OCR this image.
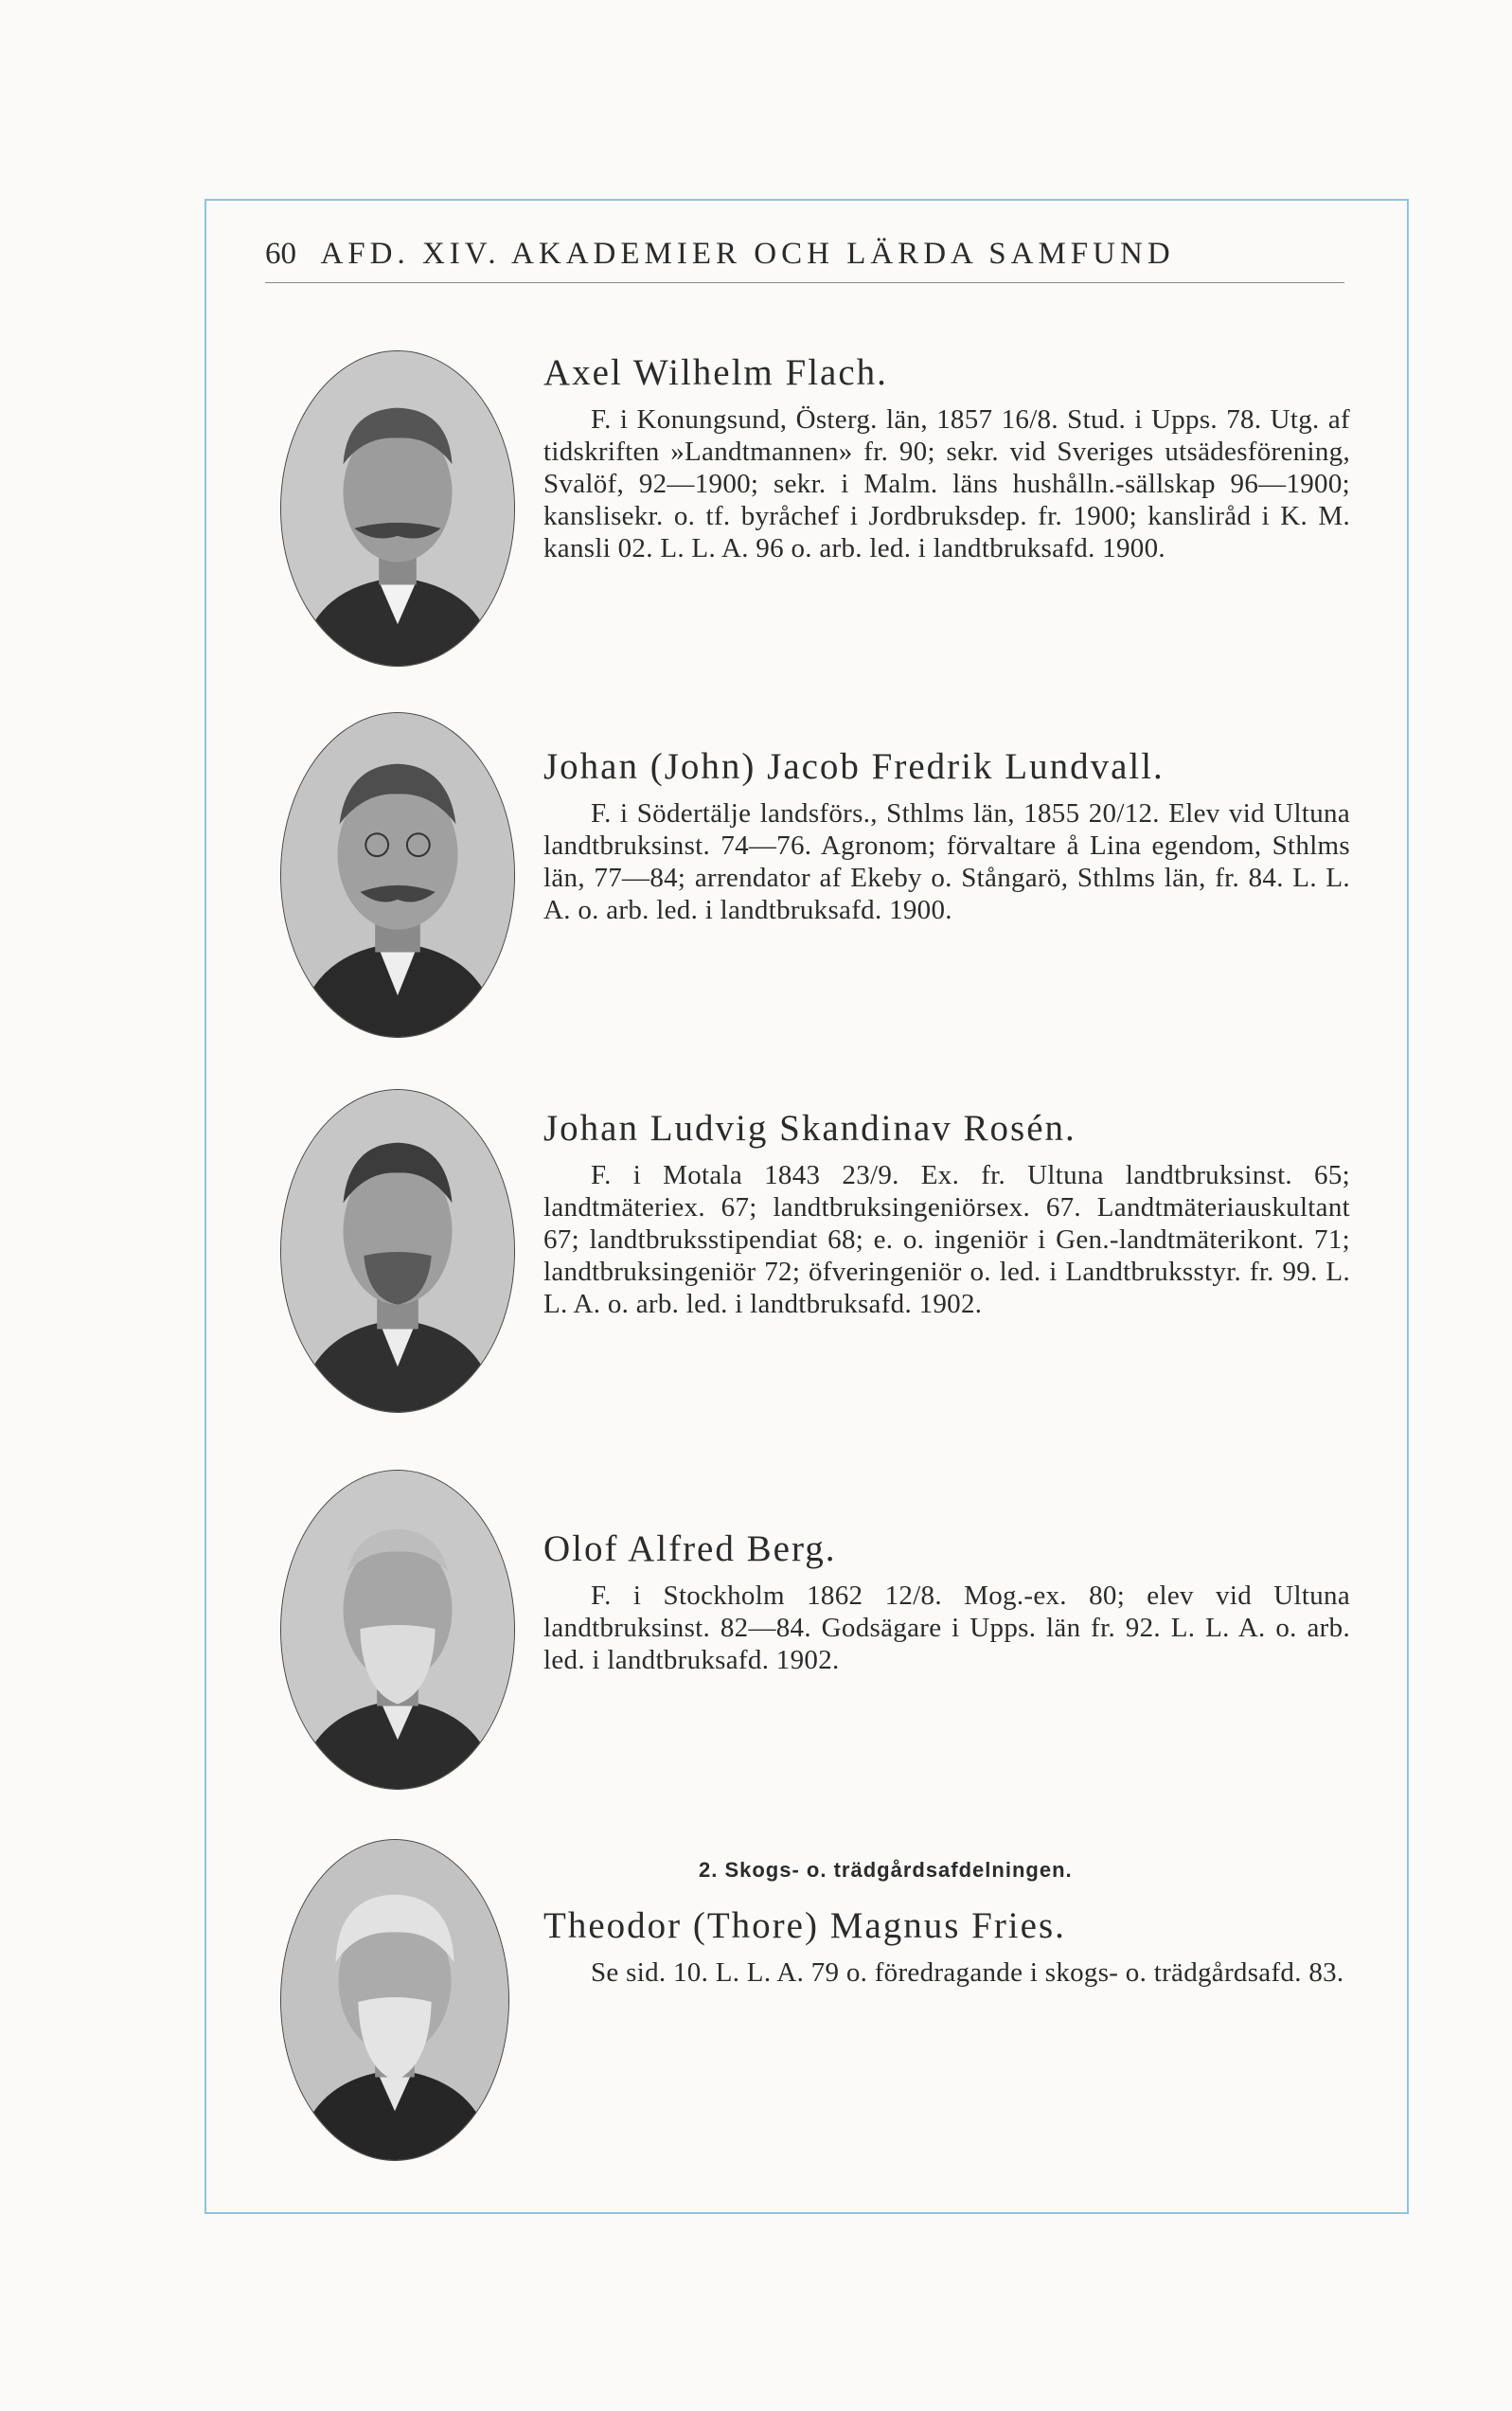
60 AFD. XIV. AKADEMIER OCH LÄRDA SAMFUND

Axel Wilhelm Flach.

F. i Konungsund, Österg. län, 1857 16/8. Stud. i Upps. 78. Utg. af tidskriften »Landtmannen» fr. 90; sekr. vid Sveriges utsädesförening, Svalöf, 92—1900; sekr. i Malm. läns hushålln.-sällskap 96—1900; kanslisekr. o. tf. byråchef i Jordbruksdep. fr. 1900; kansliråd i K. M. kansli 02. L. L. A. 96 o. arb. led. i landtbruksafd. 1900.

Johan (John) Jacob Fredrik Lundvall.

F. i Södertälje landsförs., Sthlms län, 1855 20/12. Elev vid Ultuna landtbruksinst. 74—76. Agronom; förvaltare å Lina egendom, Sthlms län, 77—84; arrendator af Ekeby o. Stångarö, Sthlms län, fr. 84. L. L. A. o. arb. led. i landtbruksafd. 1900.

Johan Ludvig Skandinav Rosén.

F. i Motala 1843 23/9. Ex. fr. Ultuna landtbruksinst. 65; landtmäteriex. 67; landtbruksingeniörsex. 67. Landtmäteriauskultant 67; landtbruksstipendiat 68; e. o. ingeniör i Gen.-landtmäterikont. 71; landtbruksingeniör 72; öfveringeniör o. led. i Landtbruksstyr. fr. 99. L. L. A. o. arb. led. i landtbruksafd. 1902.

Olof Alfred Berg.

F. i Stockholm 1862 12/8. Mog.-ex. 80; elev vid Ultuna landtbruksinst. 82—84. Godsägare i Upps. län fr. 92. L. L. A. o. arb. led. i landtbruksafd. 1902.

2. Skogs- o. trädgårdsafdelningen.

Theodor (Thore) Magnus Fries.

Se sid. 10. L. L. A. 79 o. föredragande i skogs- o. trädgårdsafd. 83.
